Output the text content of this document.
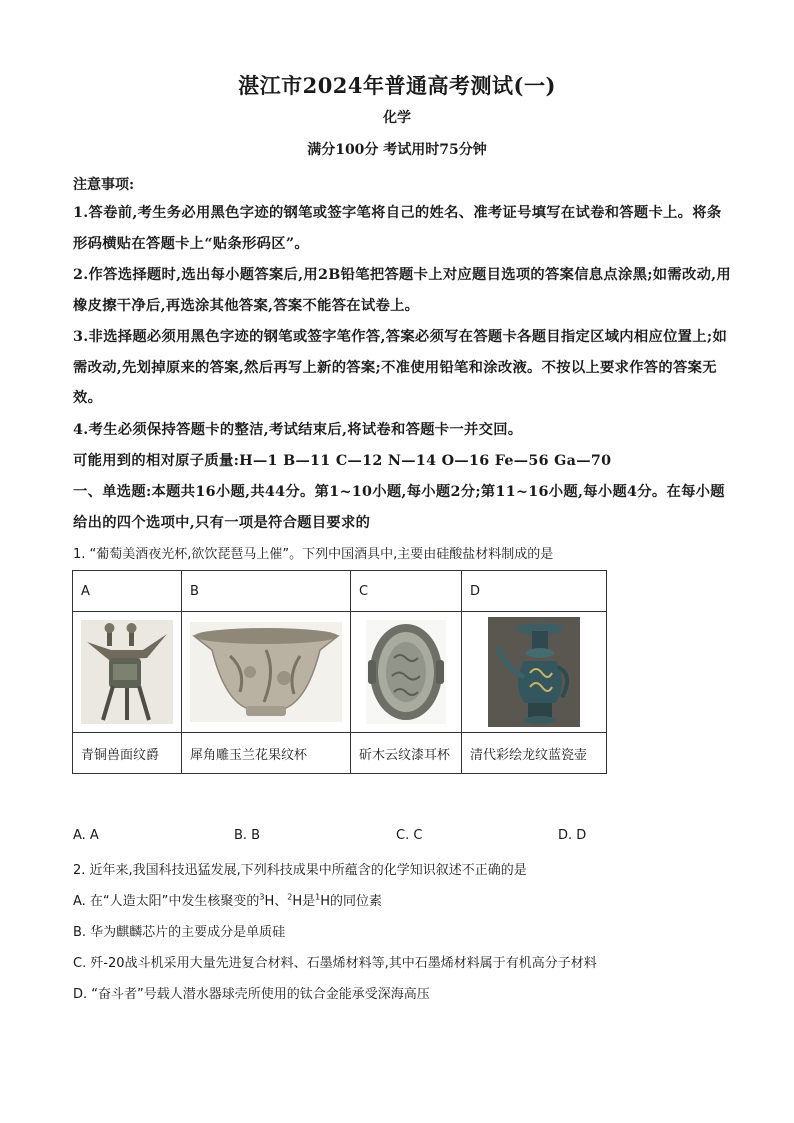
湛江市2024年普通高考测试(一)
化学
满分100分 考试用时75分钟
注意事项:
1.答卷前,考生务必用黑色字迹的钢笔或签字笔将自己的姓名、准考证号填写在试卷和答题卡上。将条形码横贴在答题卡上“贴条形码区”。
2.作答选择题时,选出每小题答案后,用2B铅笔把答题卡上对应题目选项的答案信息点涂黑;如需改动,用橡皮擦干净后,再选涂其他答案,答案不能答在试卷上。
3.非选择题必须用黑色字迹的钢笔或签字笔作答,答案必须写在答题卡各题目指定区域内相应位置上;如需改动,先划掉原来的答案,然后再写上新的答案;不准使用铅笔和涂改液。不按以上要求作答的答案无效。
4.考生必须保持答题卡的整洁,考试结束后,将试卷和答题卡一并交回。
可能用到的相对原子质量:H—1 B—11 C—12 N—14 O—16 Fe—56 Ga—70
一、单选题:本题共16小题,共44分。第1~10小题,每小题2分;第11~16小题,每小题4分。在每小题给出的四个选项中,只有一项是符合题目要求的
1. “葡萄美酒夜光杯,欲饮琵琶马上催”。下列中国酒具中,主要由硅酸盐材料制成的是
A	B	C	D

青铜兽面纹爵	犀角雕玉兰花果纹杯	斫木云纹漆耳杯	清代彩绘龙纹蓝瓷壶
A. A	B. B	C. C	D. D
2. 近年来,我国科技迅猛发展,下列科技成果中所蕴含的化学知识叙述不正确的是
A. 在“人造太阳”中发生核聚变的$^3$H、$^2$H是$^1$H的同位素
B. 华为麒麟芯片的主要成分是单质硅
C. 歼-20战斗机采用大量先进复合材料、石墨烯材料等,其中石墨烯材料属于有机高分子材料
D. “奋斗者”号载人潜水器球壳所使用的钛合金能承受深海高压
